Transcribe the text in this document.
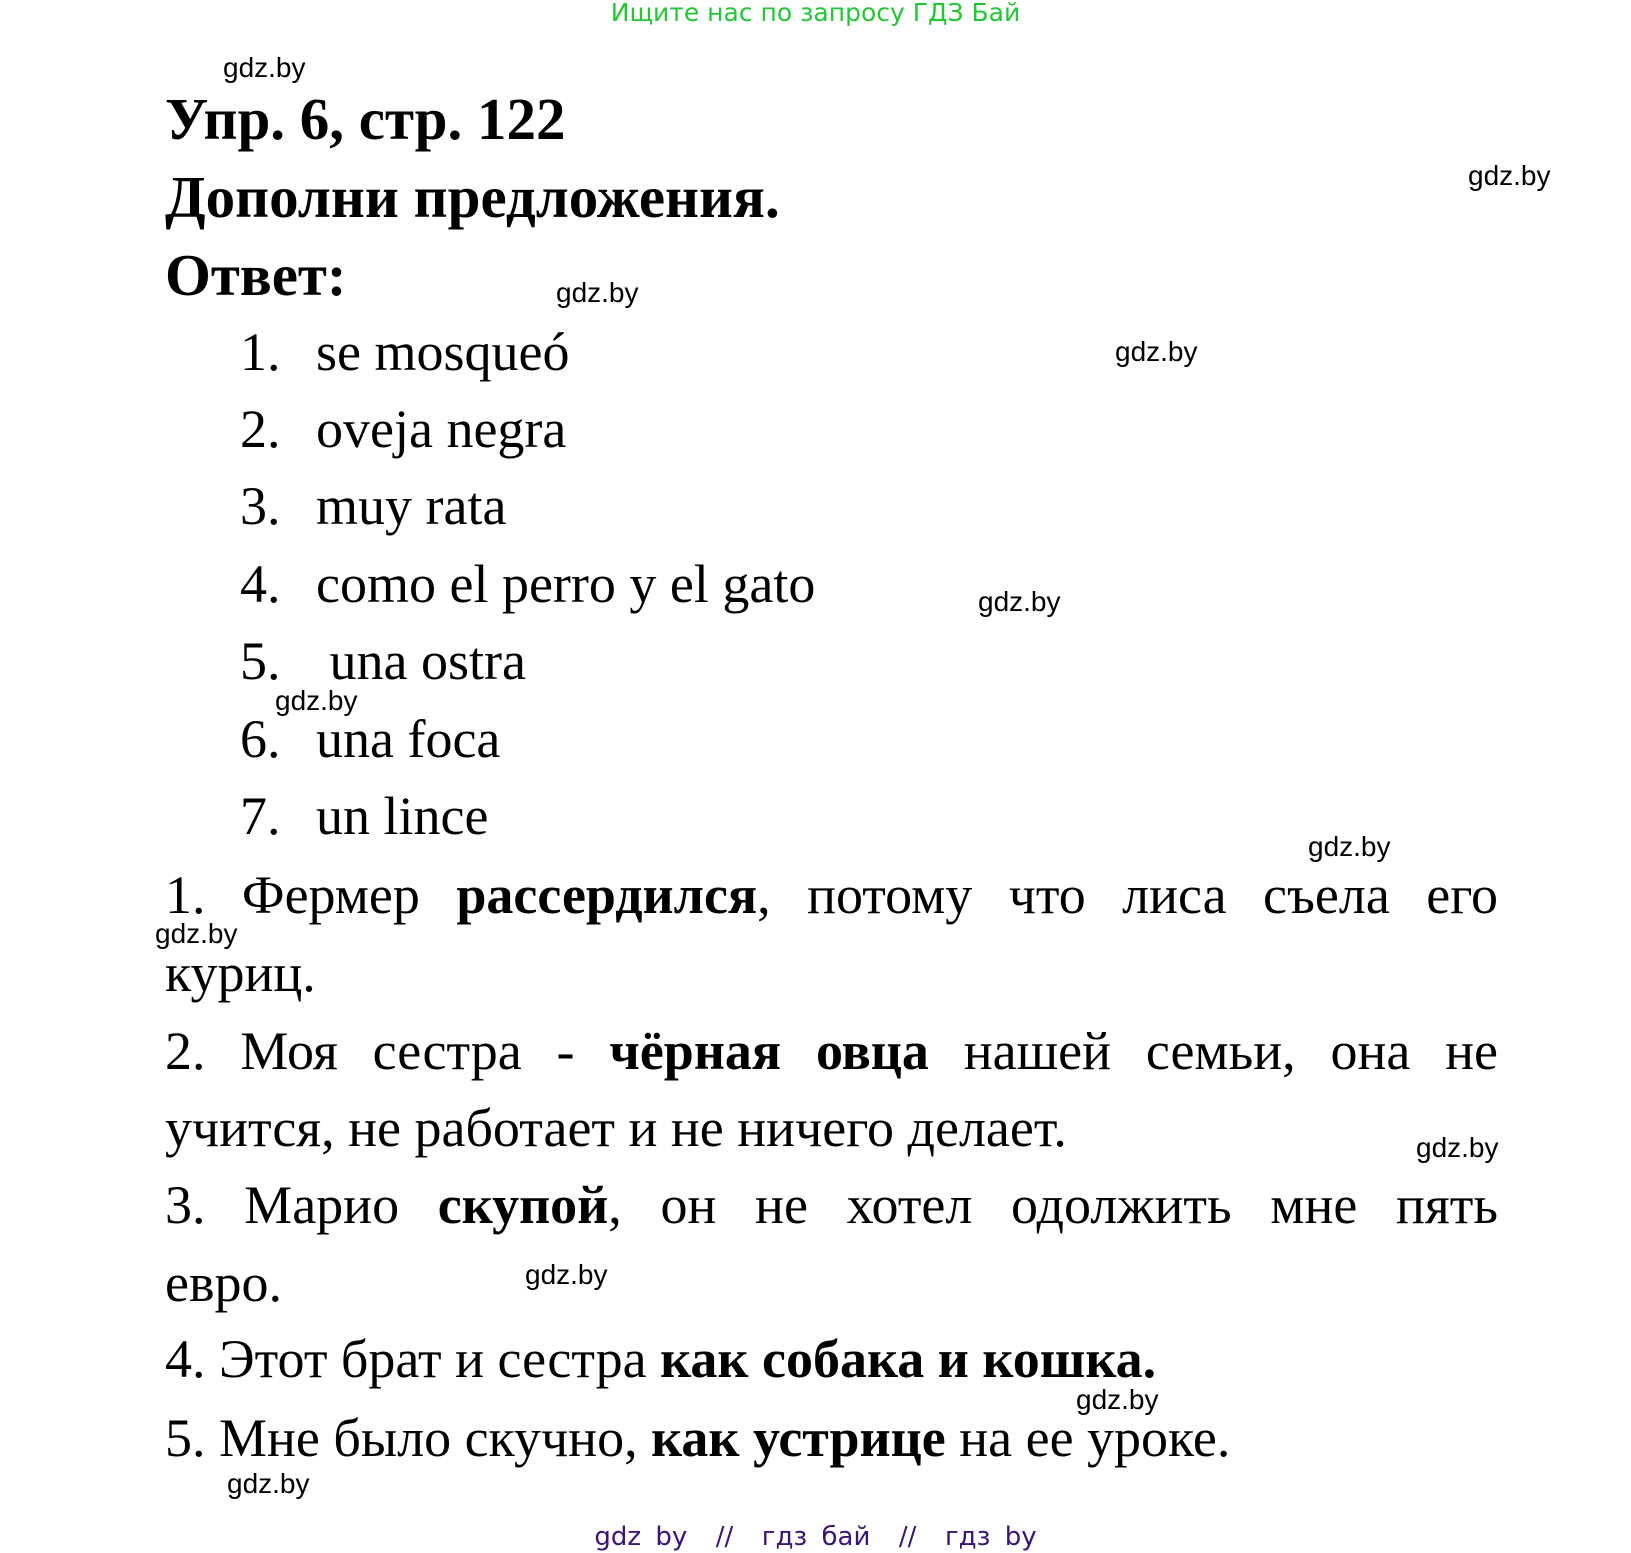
Ищите нас по запросу ГДЗ Бай
gdz.by
gdz.by
gdz.by
gdz.by
gdz.by
gdz.by
gdz.by
gdz.by
gdz.by
gdz.by
gdz.by
gdz.by
Упр. 6, стр. 122
Дополни предложения.
Ответ:
1. se mosqueó
2. oveja negra
3. muy rata
4. como el perro y el gato
5. una ostra
6. una foca
7. un lince
1. Фермер рассердился, потому что лиса съела его
куриц.
2. Моя сестра - чёрная овца нашей семьи, она не
учится, не работает и не ничего делает.
3. Марио скупой, он не хотел одолжить мне пять
евро.
4. Этот брат и сестра как собака и кошка.
5. Мне было скучно, как устрице на ее уроке.
gdz by  //  гдз бай  //  гдз by
